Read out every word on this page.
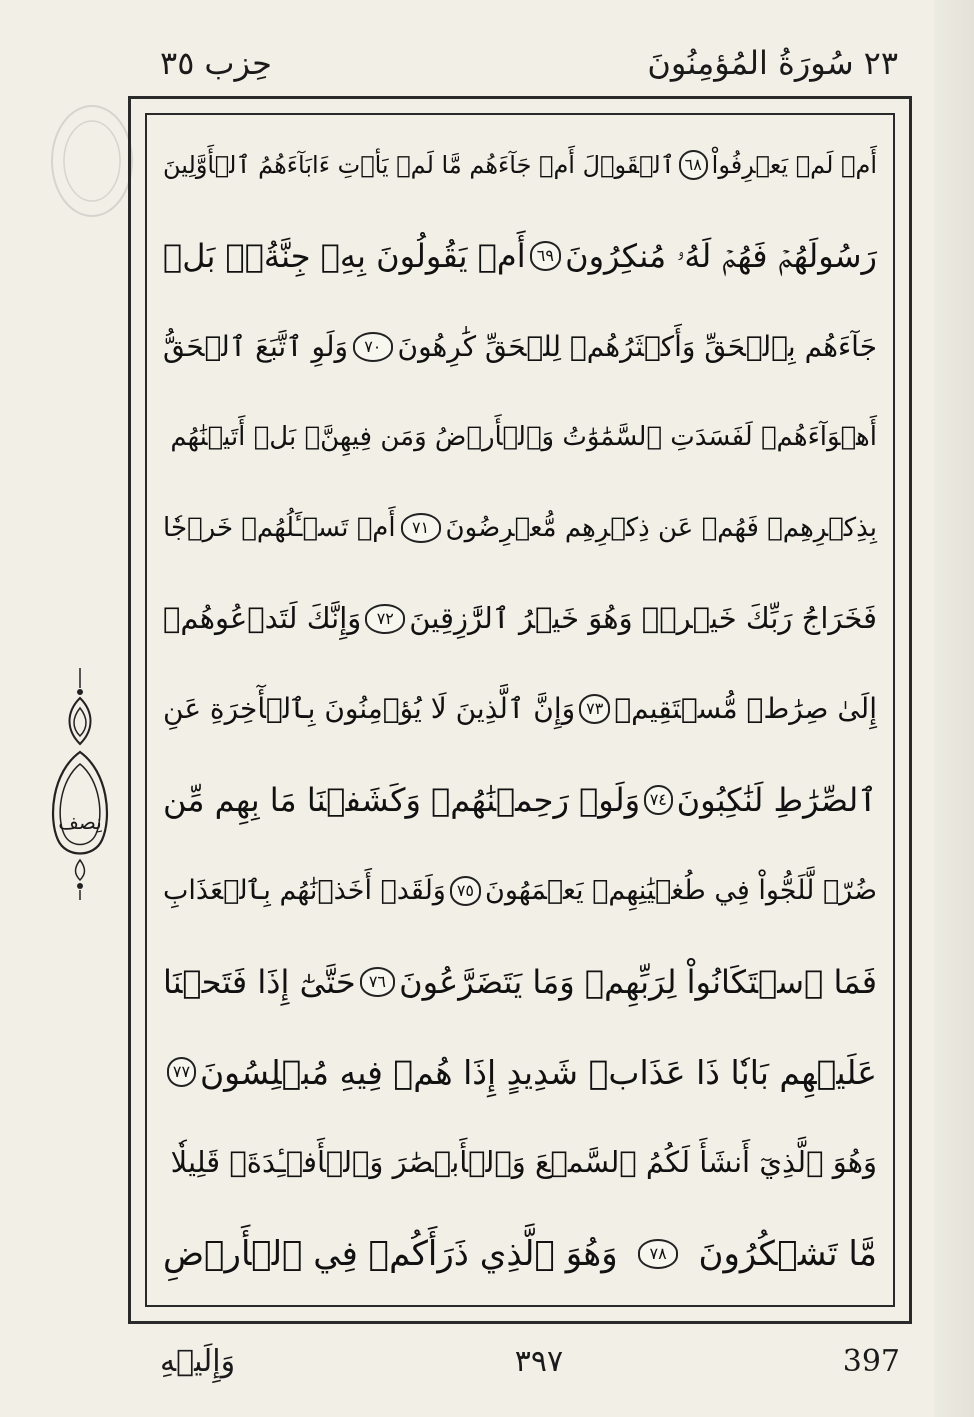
٢٣
سُورَةُ المُؤمِنُونَ
حِزب
٣٥
أَمۡ لَمۡ يَعۡرِفُواْ
٦٨
ٱلۡقَوۡلَ أَمۡ جَآءَهُم مَّا لَمۡ يَأۡتِ ءَابَآءَهُمُ ٱلۡأَوَّلِينَ
رَسُولَهُمۡ فَهُمۡ لَهُۥ مُنكِرُونَ
٦٩
أَمۡ يَقُولُونَ بِهِۦ جِنَّةُۢۚ بَلۡ
جَآءَهُم بِٱلۡحَقِّ وَأَكۡثَرُهُمۡ لِلۡحَقِّ كَٰرِهُونَ
٧٠
وَلَوِ ٱتَّبَعَ ٱلۡحَقُّ
أَهۡوَآءَهُمۡ لَفَسَدَتِ ٱلسَّمَٰوَٰتُ وَٱلۡأَرۡضُ وَمَن فِيهِنَّۚ بَلۡ أَتَيۡنَٰهُم
بِذِكۡرِهِمۡ فَهُمۡ عَن ذِكۡرِهِم مُّعۡرِضُونَ
٧١
أَمۡ تَسۡـَٔلُهُمۡ خَرۡجٗا
فَخَرَاجُ رَبِّكَ خَيۡرٞۖ وَهُوَ خَيۡرُ ٱلرَّٰزِقِينَ
٧٢
وَإِنَّكَ لَتَدۡعُوهُمۡ
إِلَىٰ صِرَٰطٖ مُّسۡتَقِيمٖ
٧٣
وَإِنَّ ٱلَّذِينَ لَا يُؤۡمِنُونَ بِٱلۡأٓخِرَةِ عَنِ
ٱلصِّرَٰطِ لَنَٰكِبُونَ
٧٤
وَلَوۡ رَحِمۡنَٰهُمۡ وَكَشَفۡنَا مَا بِهِم مِّن
ضُرّٖ لَّلَجُّواْ فِي طُغۡيَٰنِهِمۡ يَعۡمَهُونَ
٧٥
وَلَقَدۡ أَخَذۡنَٰهُم بِٱلۡعَذَابِ
فَمَا ٱسۡتَكَانُواْ لِرَبِّهِمۡ وَمَا يَتَضَرَّعُونَ
٧٦
حَتَّىٰٓ إِذَا فَتَحۡنَا
عَلَيۡهِم بَابٗا ذَا عَذَابٖ شَدِيدٍ إِذَا هُمۡ فِيهِ مُبۡلِسُونَ
٧٧
وَهُوَ ٱلَّذِيٓ أَنشَأَ لَكُمُ ٱلسَّمۡعَ وَٱلۡأَبۡصَٰرَ وَٱلۡأَفۡـِٔدَةَۚ قَلِيلٗا
مَّا تَشۡكُرُونَ
٧٨
وَهُوَ ٱلَّذِي ذَرَأَكُمۡ فِي ٱلۡأَرۡضِ
نِصف
وَإِلَيۡهِ	٣٩٧	397
